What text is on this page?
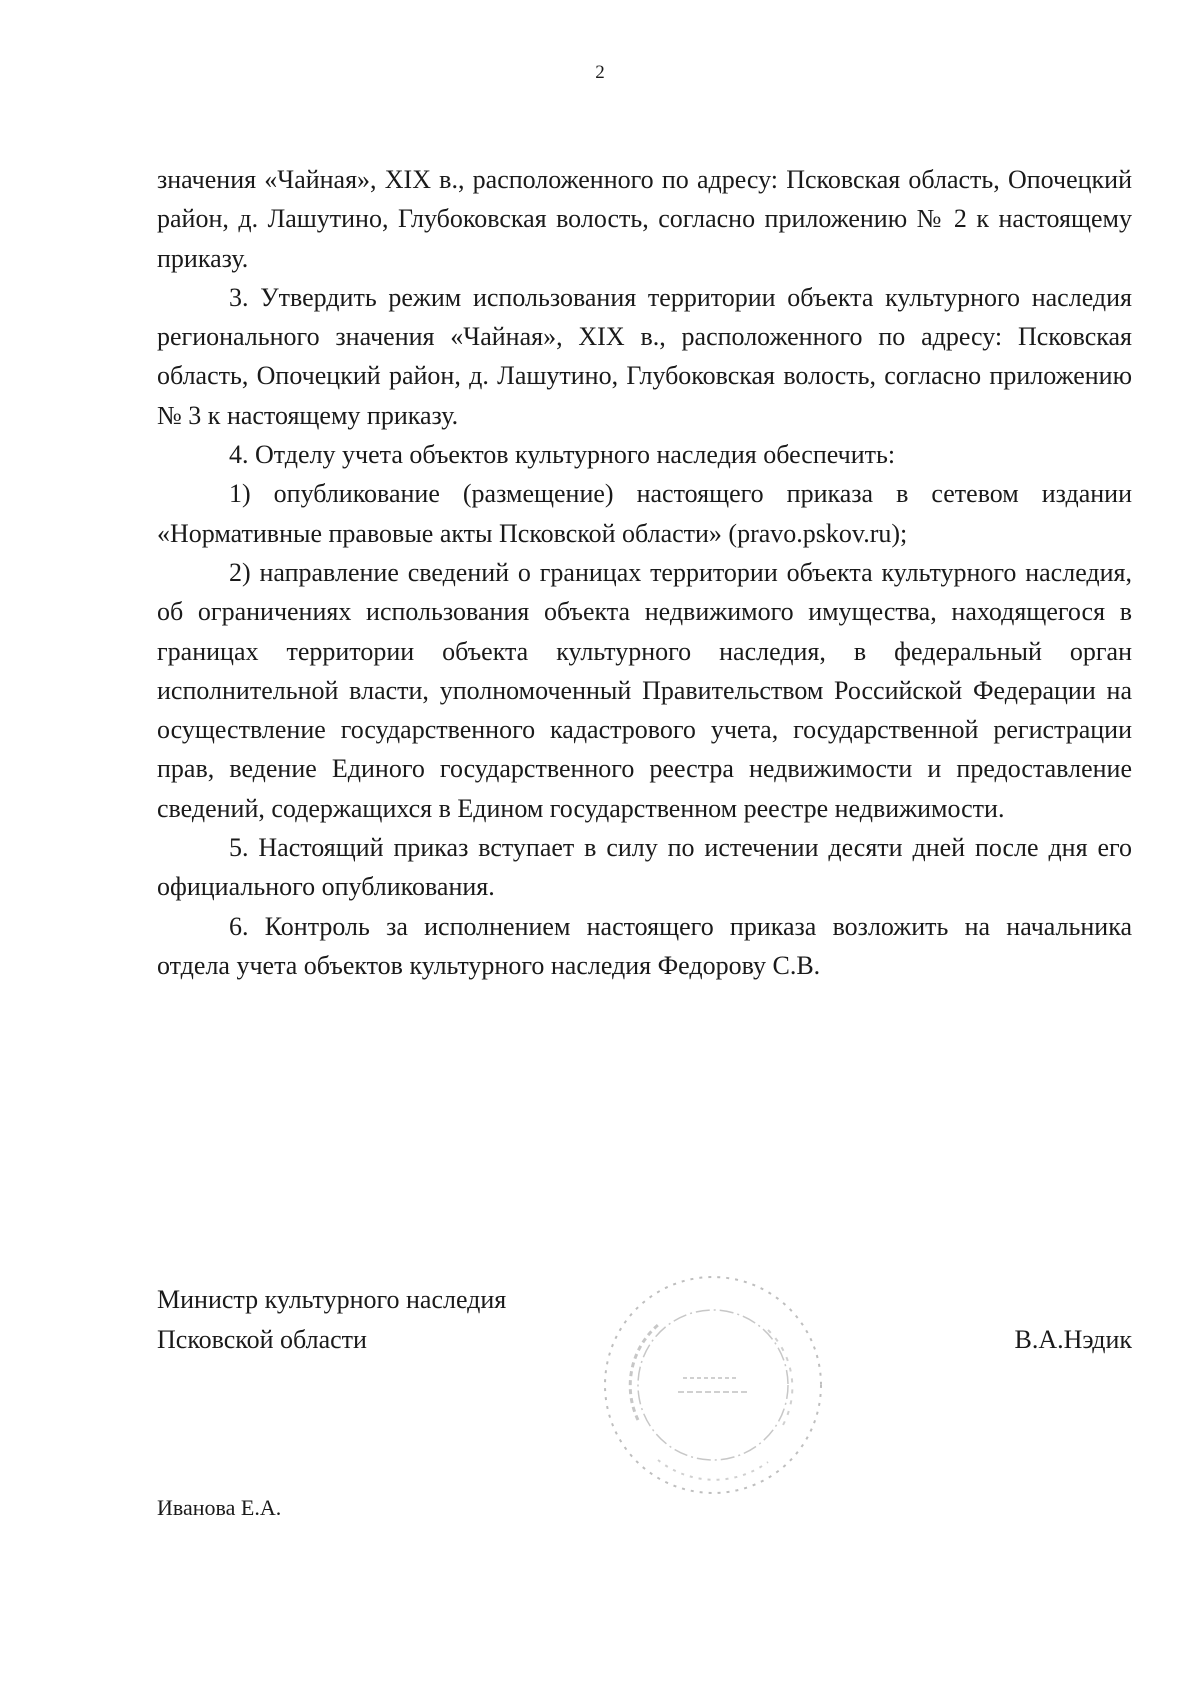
2

значения «Чайная», XIX в., расположенного по адресу: Псковская область, Опочецкий район, д. Лашутино, Глубоковская волость, согласно приложению № 2 к настоящему приказу.

3. Утвердить режим использования территории объекта культурного наследия регионального значения «Чайная», XIX в., расположенного по адресу: Псковская область, Опочецкий район, д. Лашутино, Глубоковская волость, согласно приложению № 3 к настоящему приказу.

4. Отделу учета объектов культурного наследия обеспечить:

1) опубликование (размещение) настоящего приказа в сетевом издании «Нормативные правовые акты Псковской области» (pravo.pskov.ru);

2) направление сведений о границах территории объекта культурного наследия, об ограничениях использования объекта недвижимого имущества, находящегося в границах территории объекта культурного наследия, в федеральный орган исполнительной власти, уполномоченный Правительством Российской Федерации на осуществление государственного кадастрового учета, государственной регистрации прав, ведение Единого государственного реестра недвижимости и предоставление сведений, содержащихся в Едином государственном реестре недвижимости.

5. Настоящий приказ вступает в силу по истечении десяти дней после дня его официального опубликования.

6. Контроль за исполнением настоящего приказа возложить на начальника отдела учета объектов культурного наследия Федорову С.В.

Министр культурного наследия
Псковской области	В.А.Нэдик
Иванова Е.А.
